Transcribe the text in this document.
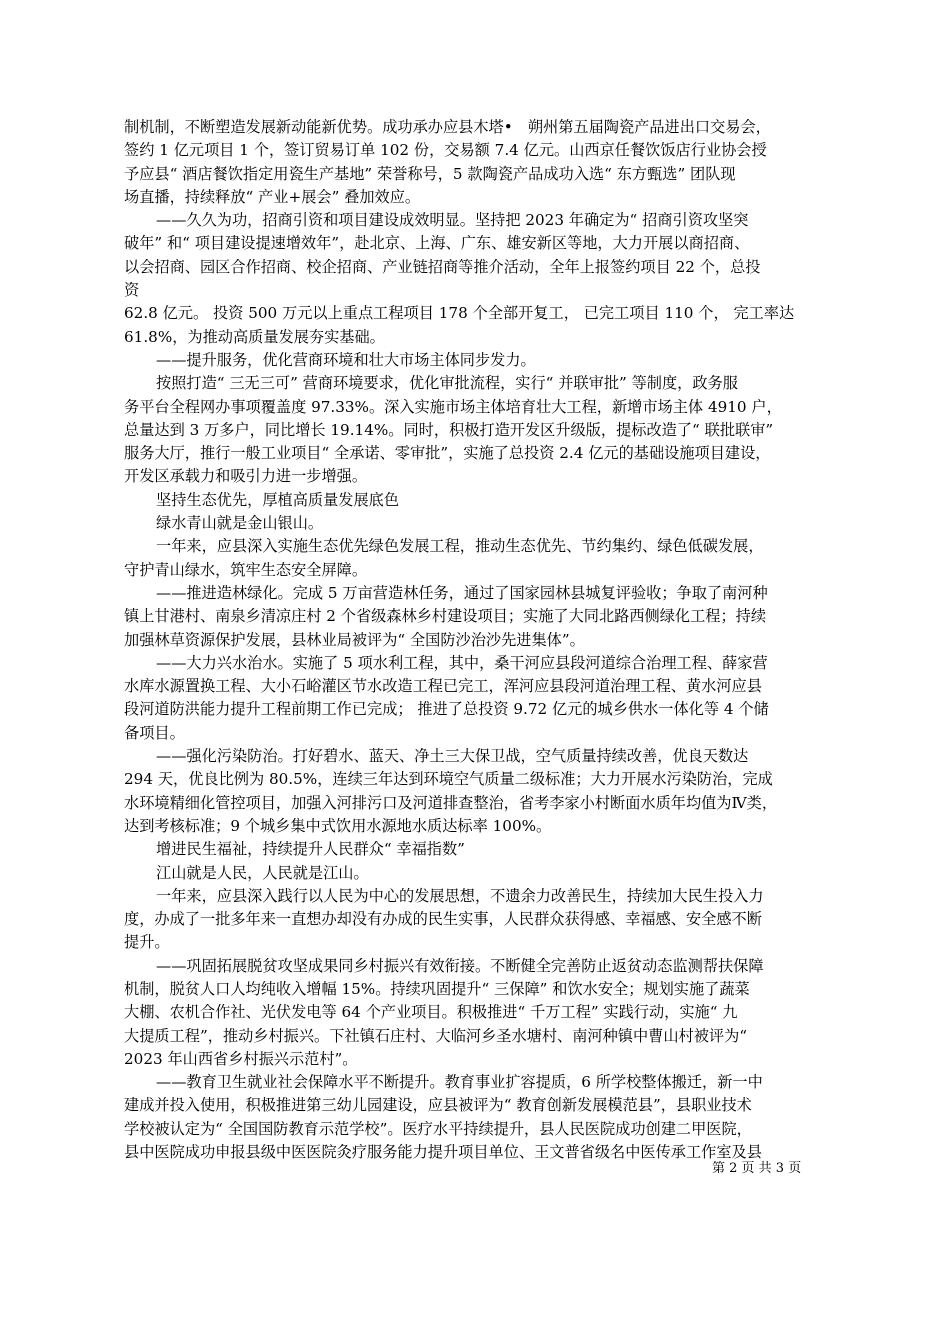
制机制，不断塑造发展新动能新优势。成功承办应县木塔•　朔州第五届陶瓷产品进出口交易会，
签约 1 亿元项目 1 个，签订贸易订单 102 份，交易额 7.4 亿元。山西京任餐饮饭店行业协会授
予应县“ 酒店餐饮指定用瓷生产基地” 荣誉称号，5 款陶瓷产品成功入选“ 东方甄选” 团队现
场直播，持续释放“ 产业+展会” 叠加效应。
——久久为功，招商引资和项目建设成效明显。坚持把 2023 年确定为“ 招商引资攻坚突
破年” 和“ 项目建设提速增效年”，赴北京、上海、广东、雄安新区等地，大力开展以商招商、
以会招商、园区合作招商、校企招商、产业链招商等推介活动，全年上报签约项目 22 个，总投
资
62.8 亿元。 投资 500 万元以上重点工程项目 178 个全部开复工， 已完工项目 110 个， 完工率达
61.8%，为推动高质量发展夯实基础。
——提升服务，优化营商环境和壮大市场主体同步发力。
按照打造“ 三无三可” 营商环境要求，优化审批流程，实行“ 并联审批” 等制度，政务服
务平台全程网办事项覆盖度 97.33%。深入实施市场主体培育壮大工程，新增市场主体 4910 户，
总量达到 3 万多户，同比增长 19.14%。同时，积极打造开发区升级版，提标改造了“ 联批联审”
服务大厅，推行一般工业项目“ 全承诺、零审批”，实施了总投资 2.4 亿元的基础设施项目建设，
开发区承载力和吸引力进一步增强。
坚持生态优先，厚植高质量发展底色
绿水青山就是金山银山。
一年来，应县深入实施生态优先绿色发展工程，推动生态优先、节约集约、绿色低碳发展，
守护青山绿水，筑牢生态安全屏障。
——推进造林绿化。完成 5 万亩营造林任务，通过了国家园林县城复评验收；争取了南河种
镇上甘港村、南泉乡清凉庄村 2 个省级森林乡村建设项目；实施了大同北路西侧绿化工程；持续
加强林草资源保护发展，县林业局被评为“ 全国防沙治沙先进集体”。
——大力兴水治水。实施了 5 项水利工程，其中，桑干河应县段河道综合治理工程、薛家营
水库水源置换工程、大小石峪灌区节水改造工程已完工，浑河应县段河道治理工程、黄水河应县
段河道防洪能力提升工程前期工作已完成； 推进了总投资 9.72 亿元的城乡供水一体化等 4 个储
备项目。
——强化污染防治。打好碧水、蓝天、净土三大保卫战，空气质量持续改善，优良天数达
294 天，优良比例为 80.5%，连续三年达到环境空气质量二级标准；大力开展水污染防治，完成
水环境精细化管控项目，加强入河排污口及河道排查整治，省考李家小村断面水质年均值为Ⅳ类，
达到考核标准；9 个城乡集中式饮用水源地水质达标率 100%。
增进民生福祉，持续提升人民群众“ 幸福指数”
江山就是人民，人民就是江山。
一年来，应县深入践行以人民为中心的发展思想，不遗余力改善民生，持续加大民生投入力
度，办成了一批多年来一直想办却没有办成的民生实事，人民群众获得感、幸福感、安全感不断
提升。
——巩固拓展脱贫攻坚成果同乡村振兴有效衔接。不断健全完善防止返贫动态监测帮扶保障
机制，脱贫人口人均纯收入增幅 15%。持续巩固提升“ 三保障” 和饮水安全；规划实施了蔬菜
大棚、农机合作社、光伏发电等 64 个产业项目。积极推进“ 千万工程” 实践行动，实施“ 九
大提质工程”，推动乡村振兴。下社镇石庄村、大临河乡圣水塘村、南河种镇中曹山村被评为“
2023 年山西省乡村振兴示范村”。
——教育卫生就业社会保障水平不断提升。教育事业扩容提质，6 所学校整体搬迁，新一中
建成并投入使用，积极推进第三幼儿园建设，应县被评为“ 教育创新发展模范县”，县职业技术
学校被认定为“ 全国国防教育示范学校”。医疗水平持续提升，县人民医院成功创建二甲医院，
县中医院成功申报县级中医医院灸疗服务能力提升项目单位、王文普省级名中医传承工作室及县
第 2 页 共 3 页
